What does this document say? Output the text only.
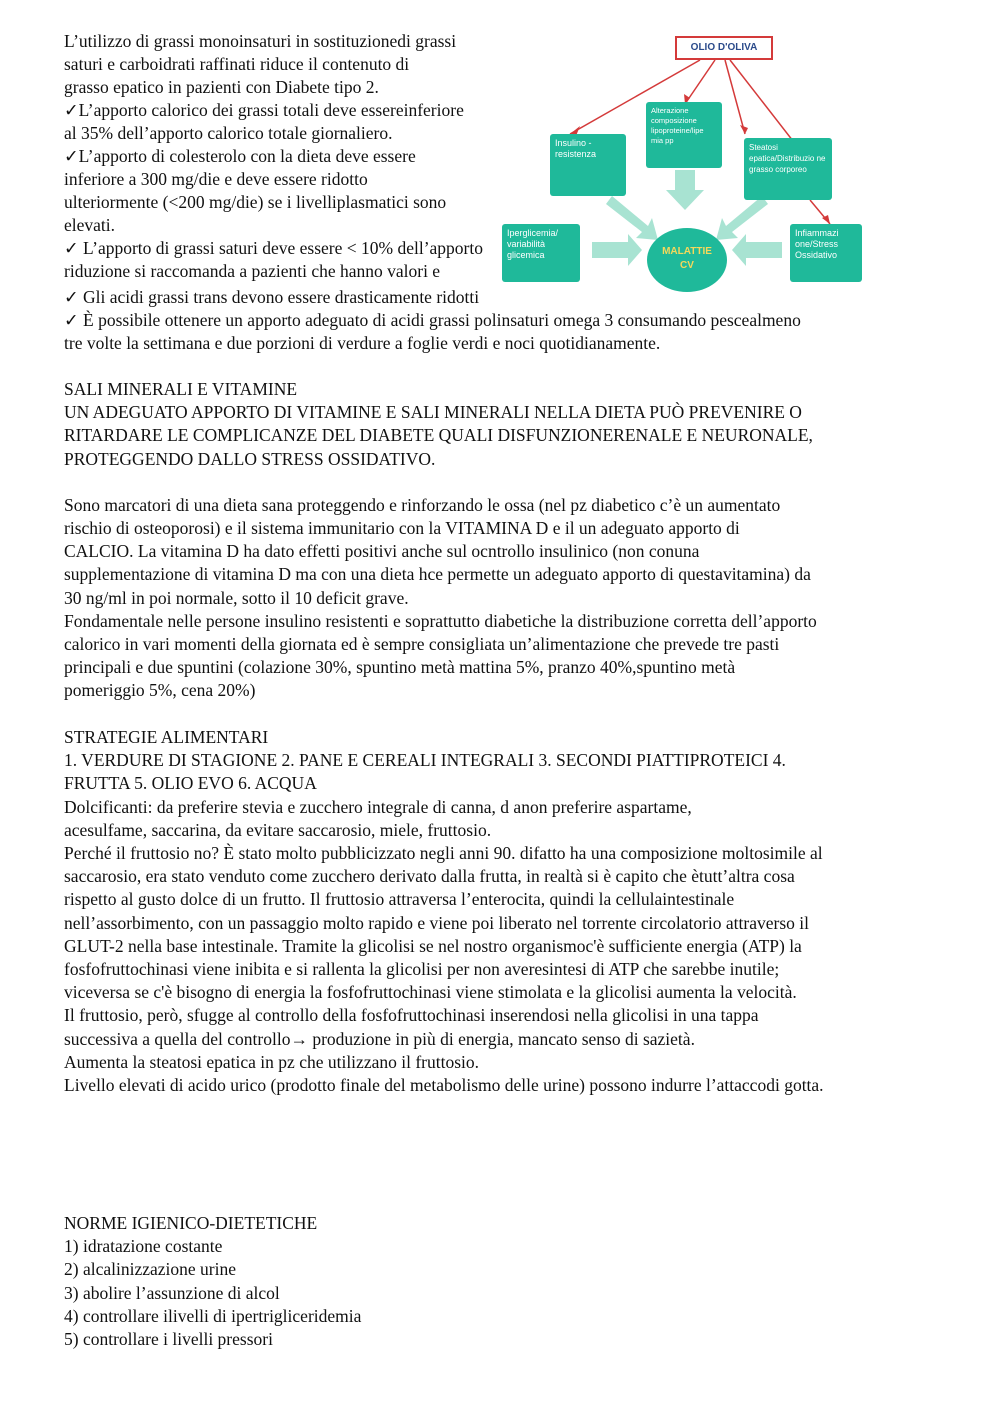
L’utilizzo di grassi monoinsaturi in sostituzionedi grassi
saturi e carboidrati raffinati riduce il contenuto di
grasso epatico in pazienti con Diabete tipo 2.
✓L’apporto calorico dei grassi totali deve essereinferiore
al 35% dell’apporto calorico totale giornaliero.
✓L’apporto di colesterolo con la dieta deve essere
inferiore a 300 mg/die e deve essere ridotto
ulteriormente (<200 mg/die) se i livelliplasmatici sono
elevati.
✓ L’apporto di grassi saturi deve essere < 10% dell’apporto
riduzione si raccomanda a pazienti che hanno valori e
OLIO D'OLIVA
Alterazione composizione lipoproteine/lipe mia pp
Insulino - resistenza
Steatosi epatica/Distribuzio ne grasso corporeo
Iperglicemia/ variabilità glicemica
Infiammazi one/Stress Ossidativo
MALATTIE
CV
✓ Gli acidi grassi trans devono essere drasticamente ridotti
✓ È possibile ottenere un apporto adeguato di acidi grassi polinsaturi omega 3 consumando pescealmeno
tre volte la settimana e due porzioni di verdure a foglie verdi e noci quotidianamente.
SALI MINERALI E VITAMINE
UN ADEGUATO APPORTO DI VITAMINE E SALI MINERALI NELLA DIETA PUÒ PREVENIRE O
RITARDARE LE COMPLICANZE DEL DIABETE QUALI DISFUNZIONERENALE E NEURONALE,
PROTEGGENDO DALLO STRESS OSSIDATIVO.
Sono marcatori di una dieta sana proteggendo e rinforzando le ossa (nel pz diabetico c’è un aumentato
rischio di osteoporosi) e il sistema immunitario con la VITAMINA D e il un adeguato apporto di
CALCIO. La vitamina D ha dato effetti positivi anche sul ocntrollo insulinico (non conuna
supplementazione di vitamina D ma con una dieta hce permette un adeguato apporto di questavitamina) da
30 ng/ml in poi normale, sotto il 10 deficit grave.
Fondamentale nelle persone insulino resistenti e soprattutto diabetiche la distribuzione corretta dell’apporto
calorico in vari momenti della giornata ed è sempre consigliata un’alimentazione che prevede tre pasti
principali e due spuntini (colazione 30%, spuntino metà mattina 5%, pranzo 40%,spuntino metà
pomeriggio 5%, cena 20%)
STRATEGIE ALIMENTARI
1. VERDURE DI STAGIONE 2. PANE E CEREALI INTEGRALI 3. SECONDI PIATTIPROTEICI 4.
FRUTTA 5. OLIO EVO 6. ACQUA
Dolcificanti: da preferire stevia e zucchero integrale di canna, d anon preferire aspartame,
acesulfame, saccarina, da evitare saccarosio, miele, fruttosio.
Perché il fruttosio no? È stato molto pubblicizzato negli anni 90. difatto ha una composizione moltosimile al
saccarosio, era stato venduto come zucchero derivato dalla frutta, in realtà si è capito che ètutt’altra cosa
rispetto al gusto dolce di un frutto. Il fruttosio attraversa l’enterocita, quindi la cellulaintestinale
nell’assorbimento, con un passaggio molto rapido e viene poi liberato nel torrente circolatorio attraverso il
GLUT-2 nella base intestinale. Tramite la glicolisi se nel nostro organismoc'è sufficiente energia (ATP) la
fosfofruttochinasi viene inibita e si rallenta la glicolisi per non averesintesi di ATP che sarebbe inutile;
viceversa se c'è bisogno di energia la fosfofruttochinasi viene stimolata e la glicolisi aumenta la velocità.
Il fruttosio, però, sfugge al controllo della fosfofruttochinasi inserendosi nella glicolisi in una tappa
successiva a quella del controllo→ produzione in più di energia, mancato senso di sazietà.
Aumenta la steatosi epatica in pz che utilizzano il fruttosio.
Livello elevati di acido urico (prodotto finale del metabolismo delle urine) possono indurre l’attaccodi gotta.
NORME IGIENICO-DIETETICHE
1) idratazione costante
2) alcalinizzazione urine
3) abolire l’assunzione di alcol
4) controllare ilivelli di ipertrigliceridemia
5) controllare i livelli pressori
